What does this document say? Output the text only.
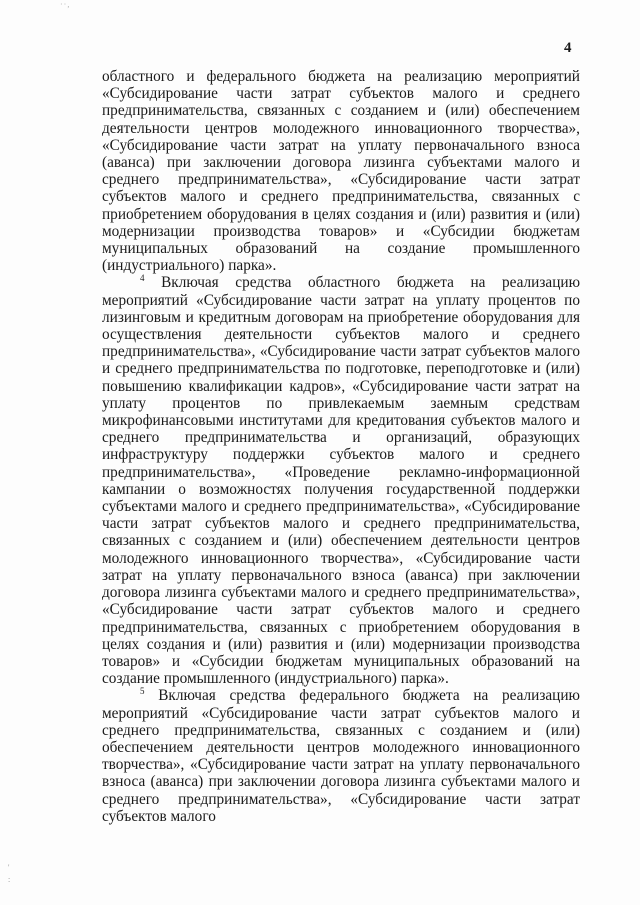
··,
4

областного и федерального бюджета на реализацию мероприятий «Субсидирование части затрат субъектов малого и среднего предпринимательства, связанных с созданием и (или) обеспечением деятельности центров молодежного инновационного творчества», «Субсидирование части затрат на уплату первоначального взноса (аванса) при заключении договора лизинга субъектами малого и среднего предпринимательства», «Субсидирование части затрат субъектов малого и среднего предпринимательства, связанных с приобретением оборудования в целях создания и (или) развития и (или) модернизации производства товаров» и «Субсидии бюджетам муниципальных образований на создание промышленного (индустриального) парка».

$^4$ Включая средства областного бюджета на реализацию мероприятий «Субсидирование части затрат на уплату процентов по лизинговым и кредитным договорам на приобретение оборудования для осуществления деятельности субъектов малого и среднего предпринимательства», «Субсидирование части затрат субъектов малого и среднего предпринимательства по подготовке, переподготовке и (или) повышению квалификации кадров», «Субсидирование части затрат на уплату процентов по привлекаемым заемным средствам микрофинансовыми институтами для кредитования субъектов малого и среднего предпринимательства и организаций, образующих инфраструктуру поддержки субъектов малого и среднего предпринимательства», «Проведение рекламно-информационной кампании о возможностях получения государственной поддержки субъектами малого и среднего предпринимательства», «Субсидирование части затрат субъектов малого и среднего предпринимательства, связанных с созданием и (или) обеспечением деятельности центров молодежного инновационного творчества», «Субсидирование части затрат на уплату первоначального взноса (аванса) при заключении договора лизинга субъектами малого и среднего предпринимательства», «Субсидирование части затрат субъектов малого и среднего предпринимательства, связанных с приобретением оборудования в целях создания и (или) развития и (или) модернизации производства товаров» и «Субсидии бюджетам муниципальных образований на создание промышленного (индустриального) парка».

$^5$ Включая средства федерального бюджета на реализацию мероприятий «Субсидирование части затрат субъектов малого и среднего предпринимательства, связанных с созданием и (или) обеспечением деятельности центров молодежного инновационного творчества», «Субсидирование части затрат на уплату первоначального взноса (аванса) при заключении договора лизинга субъектами малого и среднего предпринимательства», «Субсидирование части затрат субъектов малого

'
:
